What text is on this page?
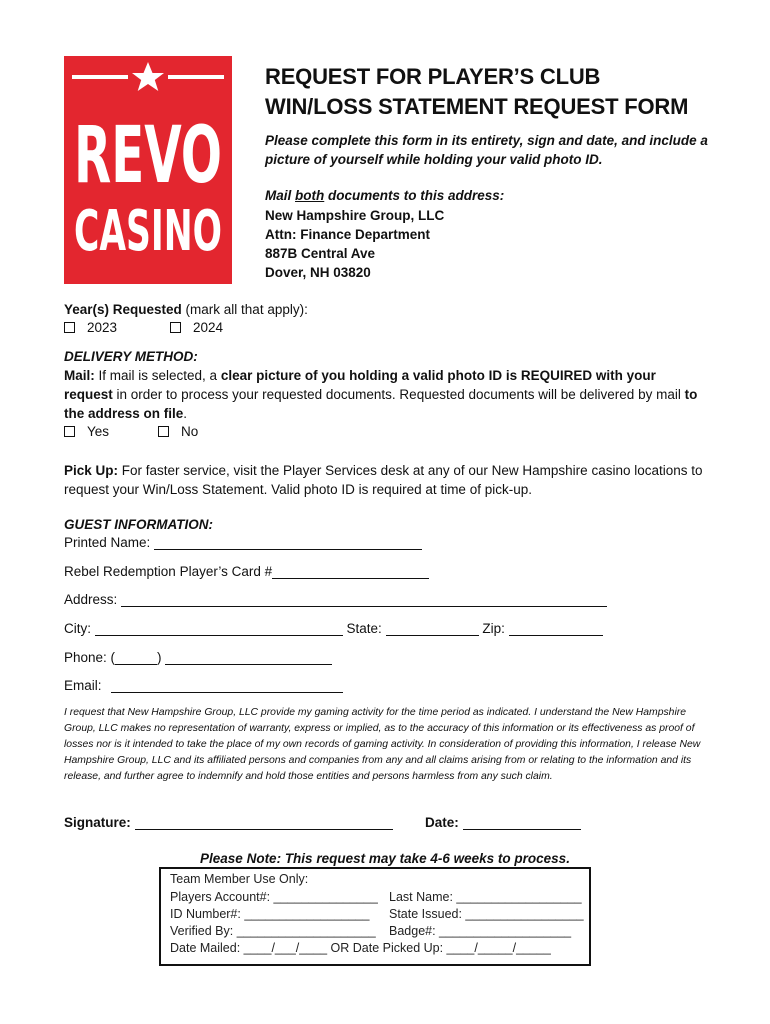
REVO
CASINO
REQUEST FOR PLAYER’S CLUB
WIN/LOSS STATEMENT REQUEST FORM
Please complete this form in its entirety, sign and date, and include a picture of yourself while holding your valid photo ID.
Mail both documents to this address:
New Hampshire Group, LLC
Attn: Finance Department
887B Central Ave
Dover, NH 03820
Year(s) Requested (mark all that apply):
2023	2024
DELIVERY METHOD:
Mail: If mail is selected, a clear picture of you holding a valid photo ID is REQUIRED with your request in order to process your requested documents. Requested documents will be delivered by mail to the address on file.
Yes	No
Pick Up: For faster service, visit the Player Services desk at any of our New Hampshire casino locations to request your Win/Loss Statement. Valid photo ID is required at time of pick-up.
GUEST INFORMATION:
Printed Name:
Rebel Redemption Player’s Card #
Address:
City:	State:	Zip:
Phone: (	)
Email:
I request that New Hampshire Group, LLC provide my gaming activity for the time period as indicated. I understand the New Hampshire Group, LLC makes no representation of warranty, express or implied, as to the accuracy of this information or its effectiveness as proof of losses nor is it intended to take the place of my own records of gaming activity. In consideration of providing this information, I release New Hampshire Group, LLC and its affiliated persons and companies from any and all claims arising from or relating to the information and its release, and further agree to indemnify and hold those entities and persons harmless from any such claim.
Signature:	Date:
Please Note: This request may take 4-6 weeks to process.
Team Member Use Only:
Players Account#: _______________ Last Name: __________________
ID Number#: __________________ State Issued: _________________
Verified By: ____________________ Badge#: ___________________
Date Mailed: ____/___/____ OR Date Picked Up: ____/_____/_____
